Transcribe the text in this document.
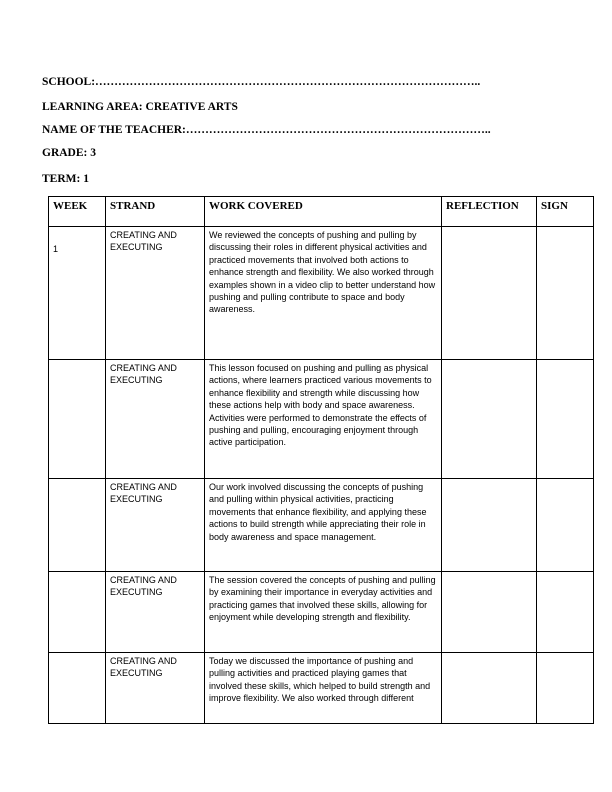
SCHOOL:………………………………………………………………………………………..
LEARNING AREA: CREATIVE ARTS
NAME OF THE TEACHER:……………………………………………………………………..
GRADE: 3
TERM: 1
WEEK	STRAND	WORK COVERED	REFLECTION	SIGN
1	CREATING AND EXECUTING	We reviewed the concepts of pushing and pulling by discussing their roles in different physical activities and practiced movements that involved both actions to enhance strength and flexibility. We also worked through examples shown in a video clip to better understand how pushing and pulling contribute to space and body awareness.		
	CREATING AND EXECUTING	This lesson focused on pushing and pulling as physical actions, where learners practiced various movements to enhance flexibility and strength while discussing how these actions help with body and space awareness. Activities were performed to demonstrate the effects of pushing and pulling, encouraging enjoyment through active participation.		
	CREATING AND EXECUTING	Our work involved discussing the concepts of pushing and pulling within physical activities, practicing movements that enhance flexibility, and applying these actions to build strength while appreciating their role in body awareness and space management.		
	CREATING AND EXECUTING	The session covered the concepts of pushing and pulling by examining their importance in everyday activities and practicing games that involved these skills, allowing for enjoyment while developing strength and flexibility.		
	CREATING AND EXECUTING	Today we discussed the importance of pushing and pulling activities and practiced playing games that involved these skills, which helped to build strength and improve flexibility. We also worked through different		
